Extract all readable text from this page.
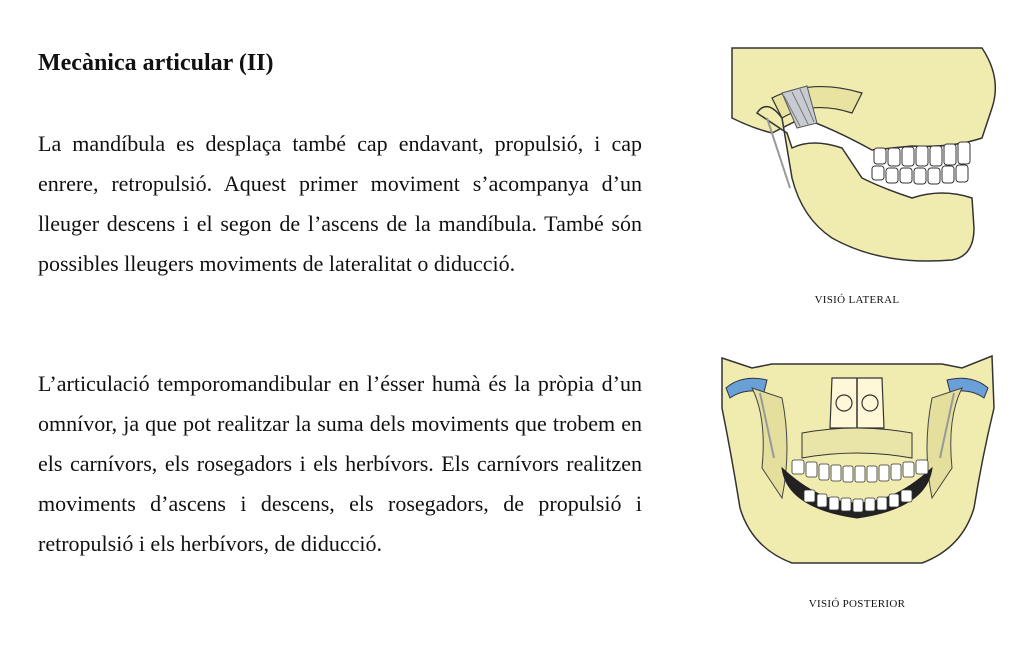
Mecànica articular (II)

La mandíbula es desplaça també cap endavant, propulsió, i cap enrere, retropulsió. Aquest primer moviment s’acompanya d’un lleuger descens i el segon de l’ascens de la mandíbula. També són possibles lleugers moviments de lateralitat o diducció.

L’articulació temporomandibular en l’ésser humà és la pròpia d’un omnívor, ja que pot realitzar la suma dels moviments que trobem en els carnívors, els rosegadors i els herbívors. Els carnívors realitzen moviments d’ascens i descens, els rosegadors, de propulsió i retropulsió i els herbívors, de diducció.

VISIÓ LATERAL
VISIÓ POSTERIOR
